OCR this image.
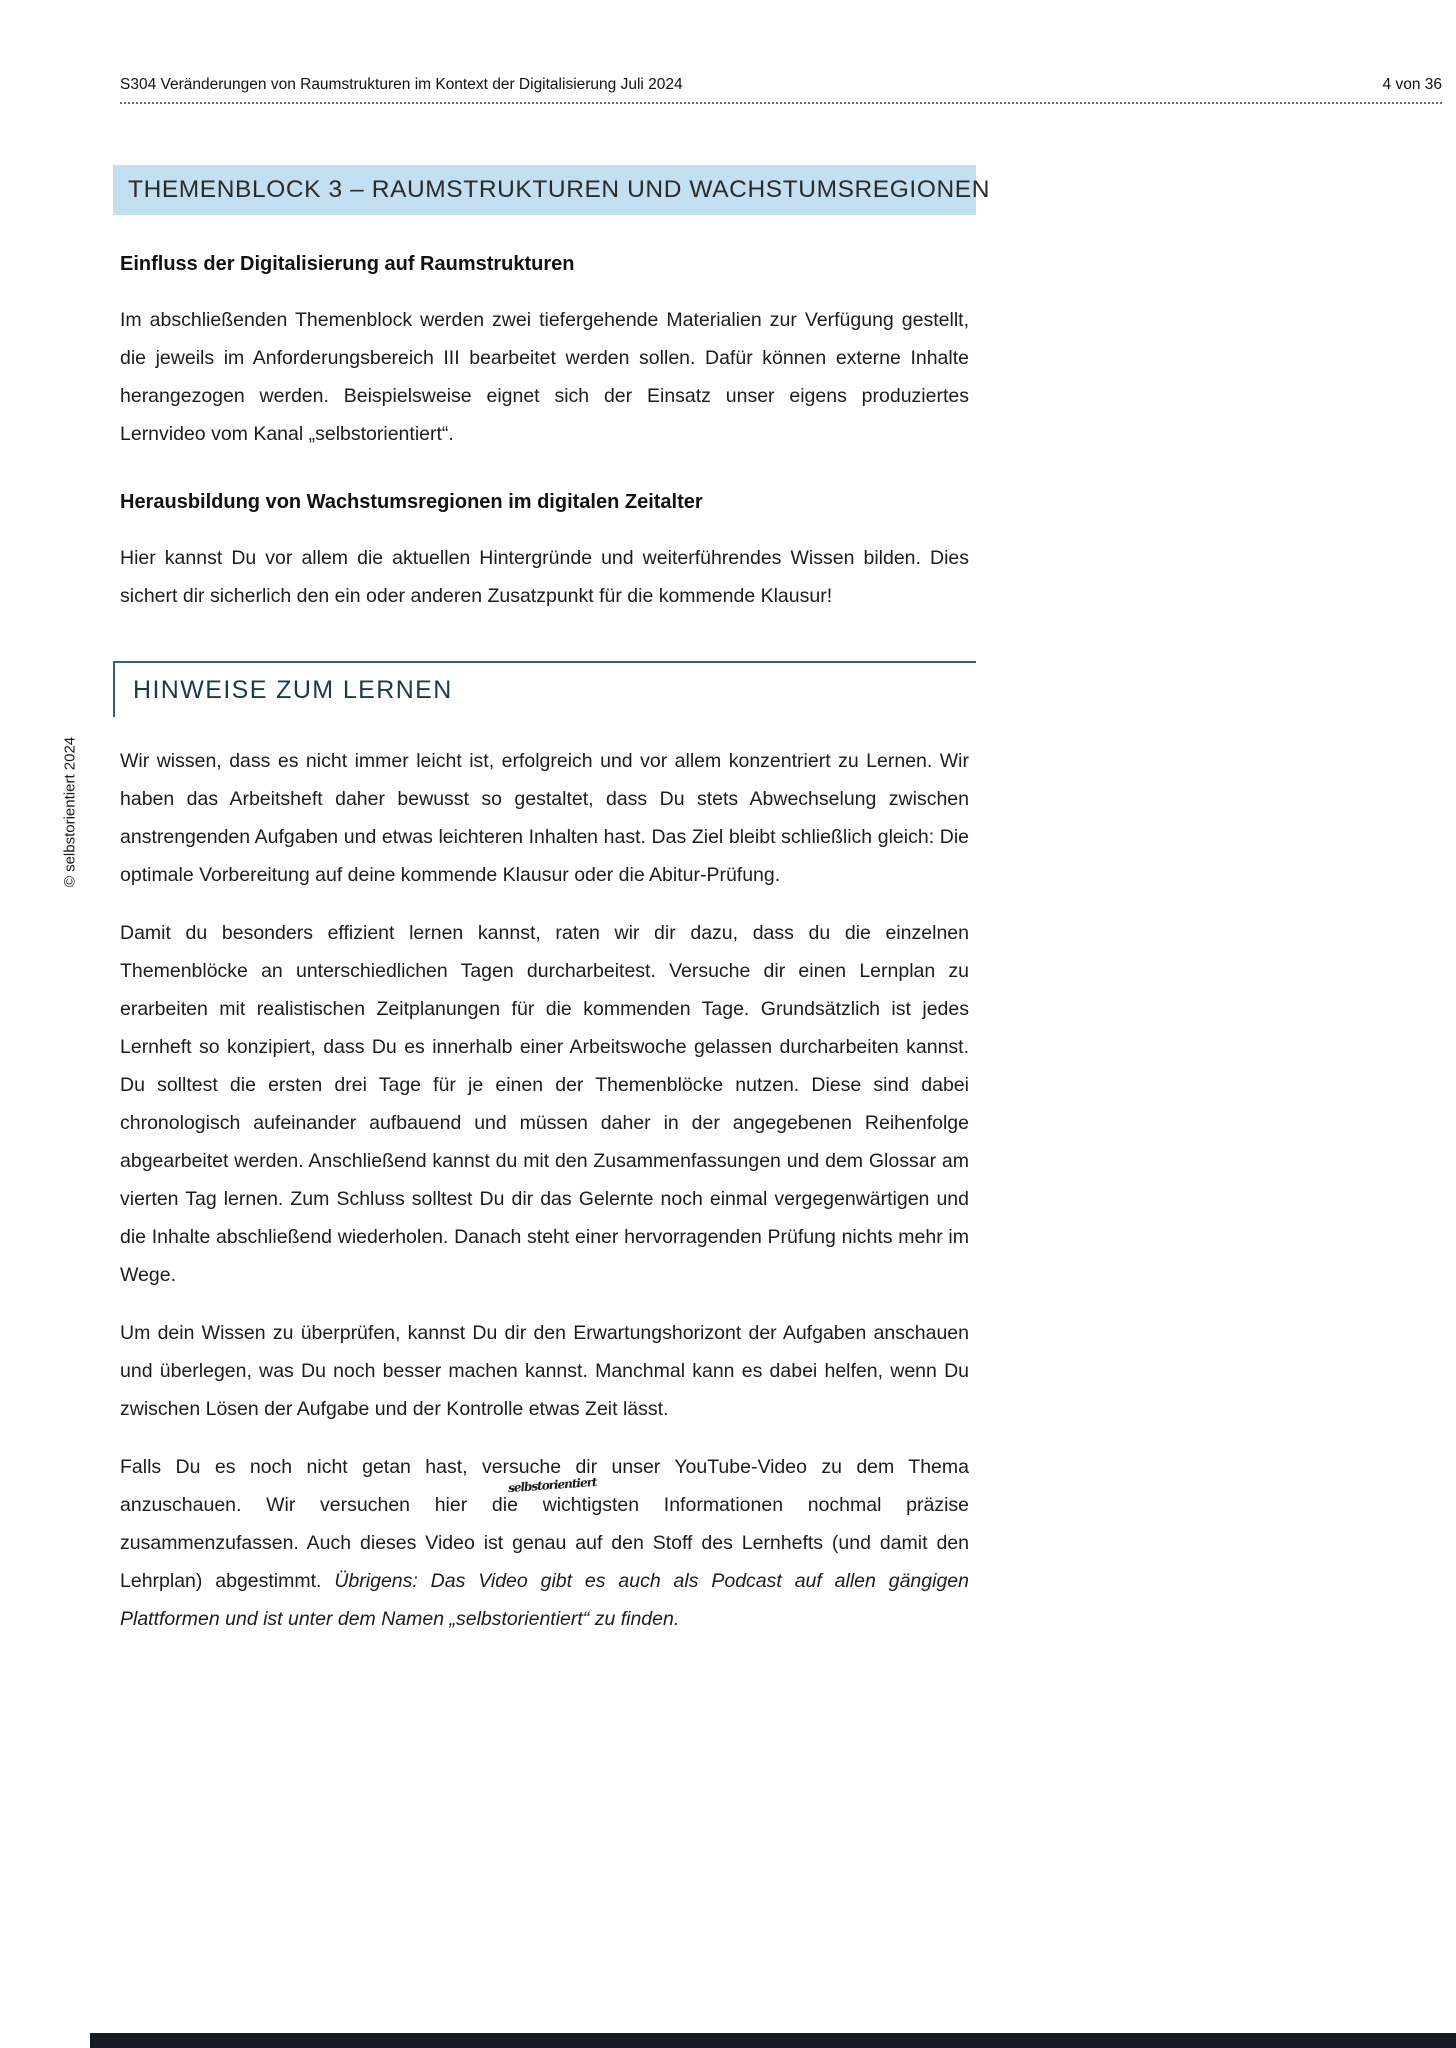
S304 Veränderungen von Raumstrukturen im Kontext der Digitalisierung Juli 2024	4 von 36
THEMENBLOCK 3 – RAUMSTRUKTUREN UND WACHSTUMSREGIONEN
Einfluss der Digitalisierung auf Raumstrukturen

Im abschließenden Themenblock werden zwei tiefergehende Materialien zur Verfügung gestellt, die jeweils im Anforderungsbereich III bearbeitet werden sollen. Dafür können externe Inhalte herangezogen werden. Beispielsweise eignet sich der Einsatz unser eigens produziertes Lernvideo vom Kanal „selbstorientiert“.

Herausbildung von Wachstumsregionen im digitalen Zeitalter

Hier kannst Du vor allem die aktuellen Hintergründe und weiterführendes Wissen bilden. Dies sichert dir sicherlich den ein oder anderen Zusatzpunkt für die kommende Klausur!

HINWEISE ZUM LERNEN

Wir wissen, dass es nicht immer leicht ist, erfolgreich und vor allem konzentriert zu Lernen. Wir haben das Arbeitsheft daher bewusst so gestaltet, dass Du stets Abwechselung zwischen anstrengenden Aufgaben und etwas leichteren Inhalten hast. Das Ziel bleibt schließlich gleich: Die optimale Vorbereitung auf deine kommende Klausur oder die Abitur-Prüfung.

Damit du besonders effizient lernen kannst, raten wir dir dazu, dass du die einzelnen Themenblöcke an unterschiedlichen Tagen durcharbeitest. Versuche dir einen Lernplan zu erarbeiten mit realistischen Zeitplanungen für die kommenden Tage. Grundsätzlich ist jedes Lernheft so konzipiert, dass Du es innerhalb einer Arbeitswoche gelassen durcharbeiten kannst. Du solltest die ersten drei Tage für je einen der Themenblöcke nutzen. Diese sind dabei chronologisch aufeinander aufbauend und müssen daher in der angegebenen Reihenfolge abgearbeitet werden. Anschließend kannst du mit den Zusammenfassungen und dem Glossar am vierten Tag lernen. Zum Schluss solltest Du dir das Gelernte noch einmal vergegenwärtigen und die Inhalte abschließend wiederholen. Danach steht einer hervorragenden Prüfung nichts mehr im Wege.

Um dein Wissen zu überprüfen, kannst Du dir den Erwartungshorizont der Aufgaben anschauen und überlegen, was Du noch besser machen kannst. Manchmal kann es dabei helfen, wenn Du zwischen Lösen der Aufgabe und der Kontrolle etwas Zeit lässt.

Falls Du es noch nicht getan hast, versuche dir unser YouTube-Video zu dem Thema anzuschauen. Wir versuchen hier die wichtigsten Informationen nochmal präzise zusammenzufassen. Auch dieses Video ist genau auf den Stoff des Lernhefts (und damit den Lehrplan) abgestimmt. Übrigens: Das Video gibt es auch als Podcast auf allen gängigen Plattformen und ist unter dem Namen „selbstorientiert“ zu finden.

© selbstorientiert 2024
selbstorientiert
